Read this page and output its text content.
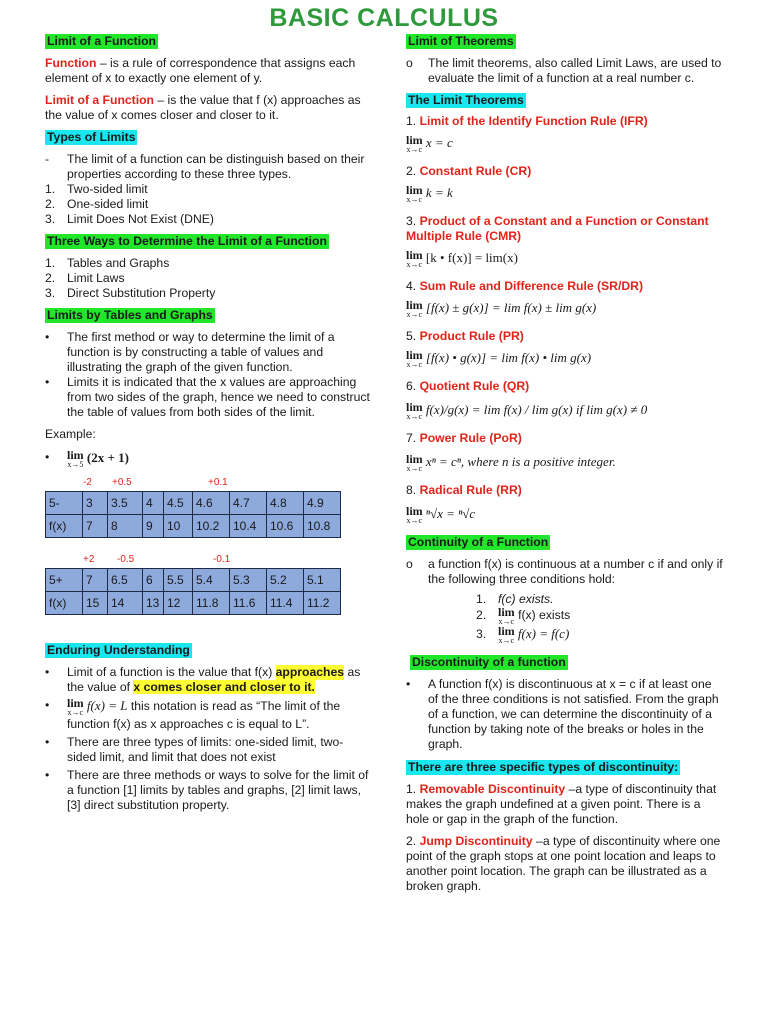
BASIC CALCULUS
Limit of a Function

Function – is a rule of correspondence that assigns each element of x to exactly one element of y.

Limit of a Function – is the value that f (x) approaches as the value of x comes closer and closer to it.

Types of Limits
- The limit of a function can be distinguish based on their properties according to these three types.
1. Two-sided limit
2. One-sided limit
3. Limit Does Not Exist (DNE)
Three Ways to Determine the Limit of a Function
1. Tables and Graphs
2. Limit Laws
3. Direct Substitution Property
Limits by Tables and Graphs
• The first method or way to determine the limit of a function is by constructing a table of values and illustrating the graph of the given function.
• Limits it is indicated that the x values are approaching from two sides of the graph, hence we need to construct the table of values from both sides of the limit.

Example:

• lim
x→5 (2x + 1)
-2 +0.5	+0.1
5-	3	3.5	4	4.5	4.6	4.7	4.8	4.9
f(x)	7	8	9	10	10.2	10.4	10.6	10.8
+2 -0.5	-0.1
5+	7	6.5	6	5.5	5.4	5.3	5.2	5.1
f(x)	15	14	13	12	11.8	11.6	11.4	11.2
Enduring Understanding
• Limit of a function is the value that f(x) approaches as the value of x comes closer and closer to it.
• lim
x→c f(x) = L this notation is read as “The limit of the function f(x) as x approaches c is equal to L”.
• There are three types of limits: one-sided limit, two-sided limit, and limit that does not exist
• There are three methods or ways to solve for the limit of a function [1] limits by tables and graphs, [2] limit laws, [3] direct substitution property.
Limit of Theorems
o The limit theorems, also called Limit Laws, are used to evaluate the limit of a function at a real number c.
The Limit Theorems

1. Limit of the Identify Function Rule (IFR)

lim
x→c x = c

2. Constant Rule (CR)

lim
x→c k = k

3. Product of a Constant and a Function or Constant Multiple Rule (CMR)

lim
x→c [k • f(x)] = lim(x)

4. Sum Rule and Difference Rule (SR/DR)

lim
x→c [f(x) ± g(x)] = lim f(x) ± lim g(x)

5. Product Rule (PR)

lim
x→c [f(x) • g(x)] = lim f(x) • lim g(x)

6. Quotient Rule (QR)

lim
x→c f(x)/g(x) = lim f(x) / lim g(x) if lim g(x) ≠ 0

7. Power Rule (PoR)

lim
x→c xⁿ = cⁿ, where n is a positive integer.

8. Radical Rule (RR)

lim
x→c ⁿ√x = ⁿ√c

Continuity of a Function
o a function f(x) is continuous at a number c if and only if the following three conditions hold:
1. f(c) exists.
2. lim
x→c f(x) exists
3. lim
x→c f(x) = f(c)
Discontinuity of a function
• A function f(x) is discontinuous at x = c if at least one of the three conditions is not satisfied. From the graph of a function, we can determine the discontinuity of a function by taking note of the breaks or holes in the graph.
There are three specific types of discontinuity:

1. Removable Discontinuity –a type of discontinuity that makes the graph undefined at a given point. There is a hole or gap in the graph of the function.

2. Jump Discontinuity –a type of discontinuity where one point of the graph stops at one point location and leaps to another point location. The graph can be illustrated as a broken graph.
